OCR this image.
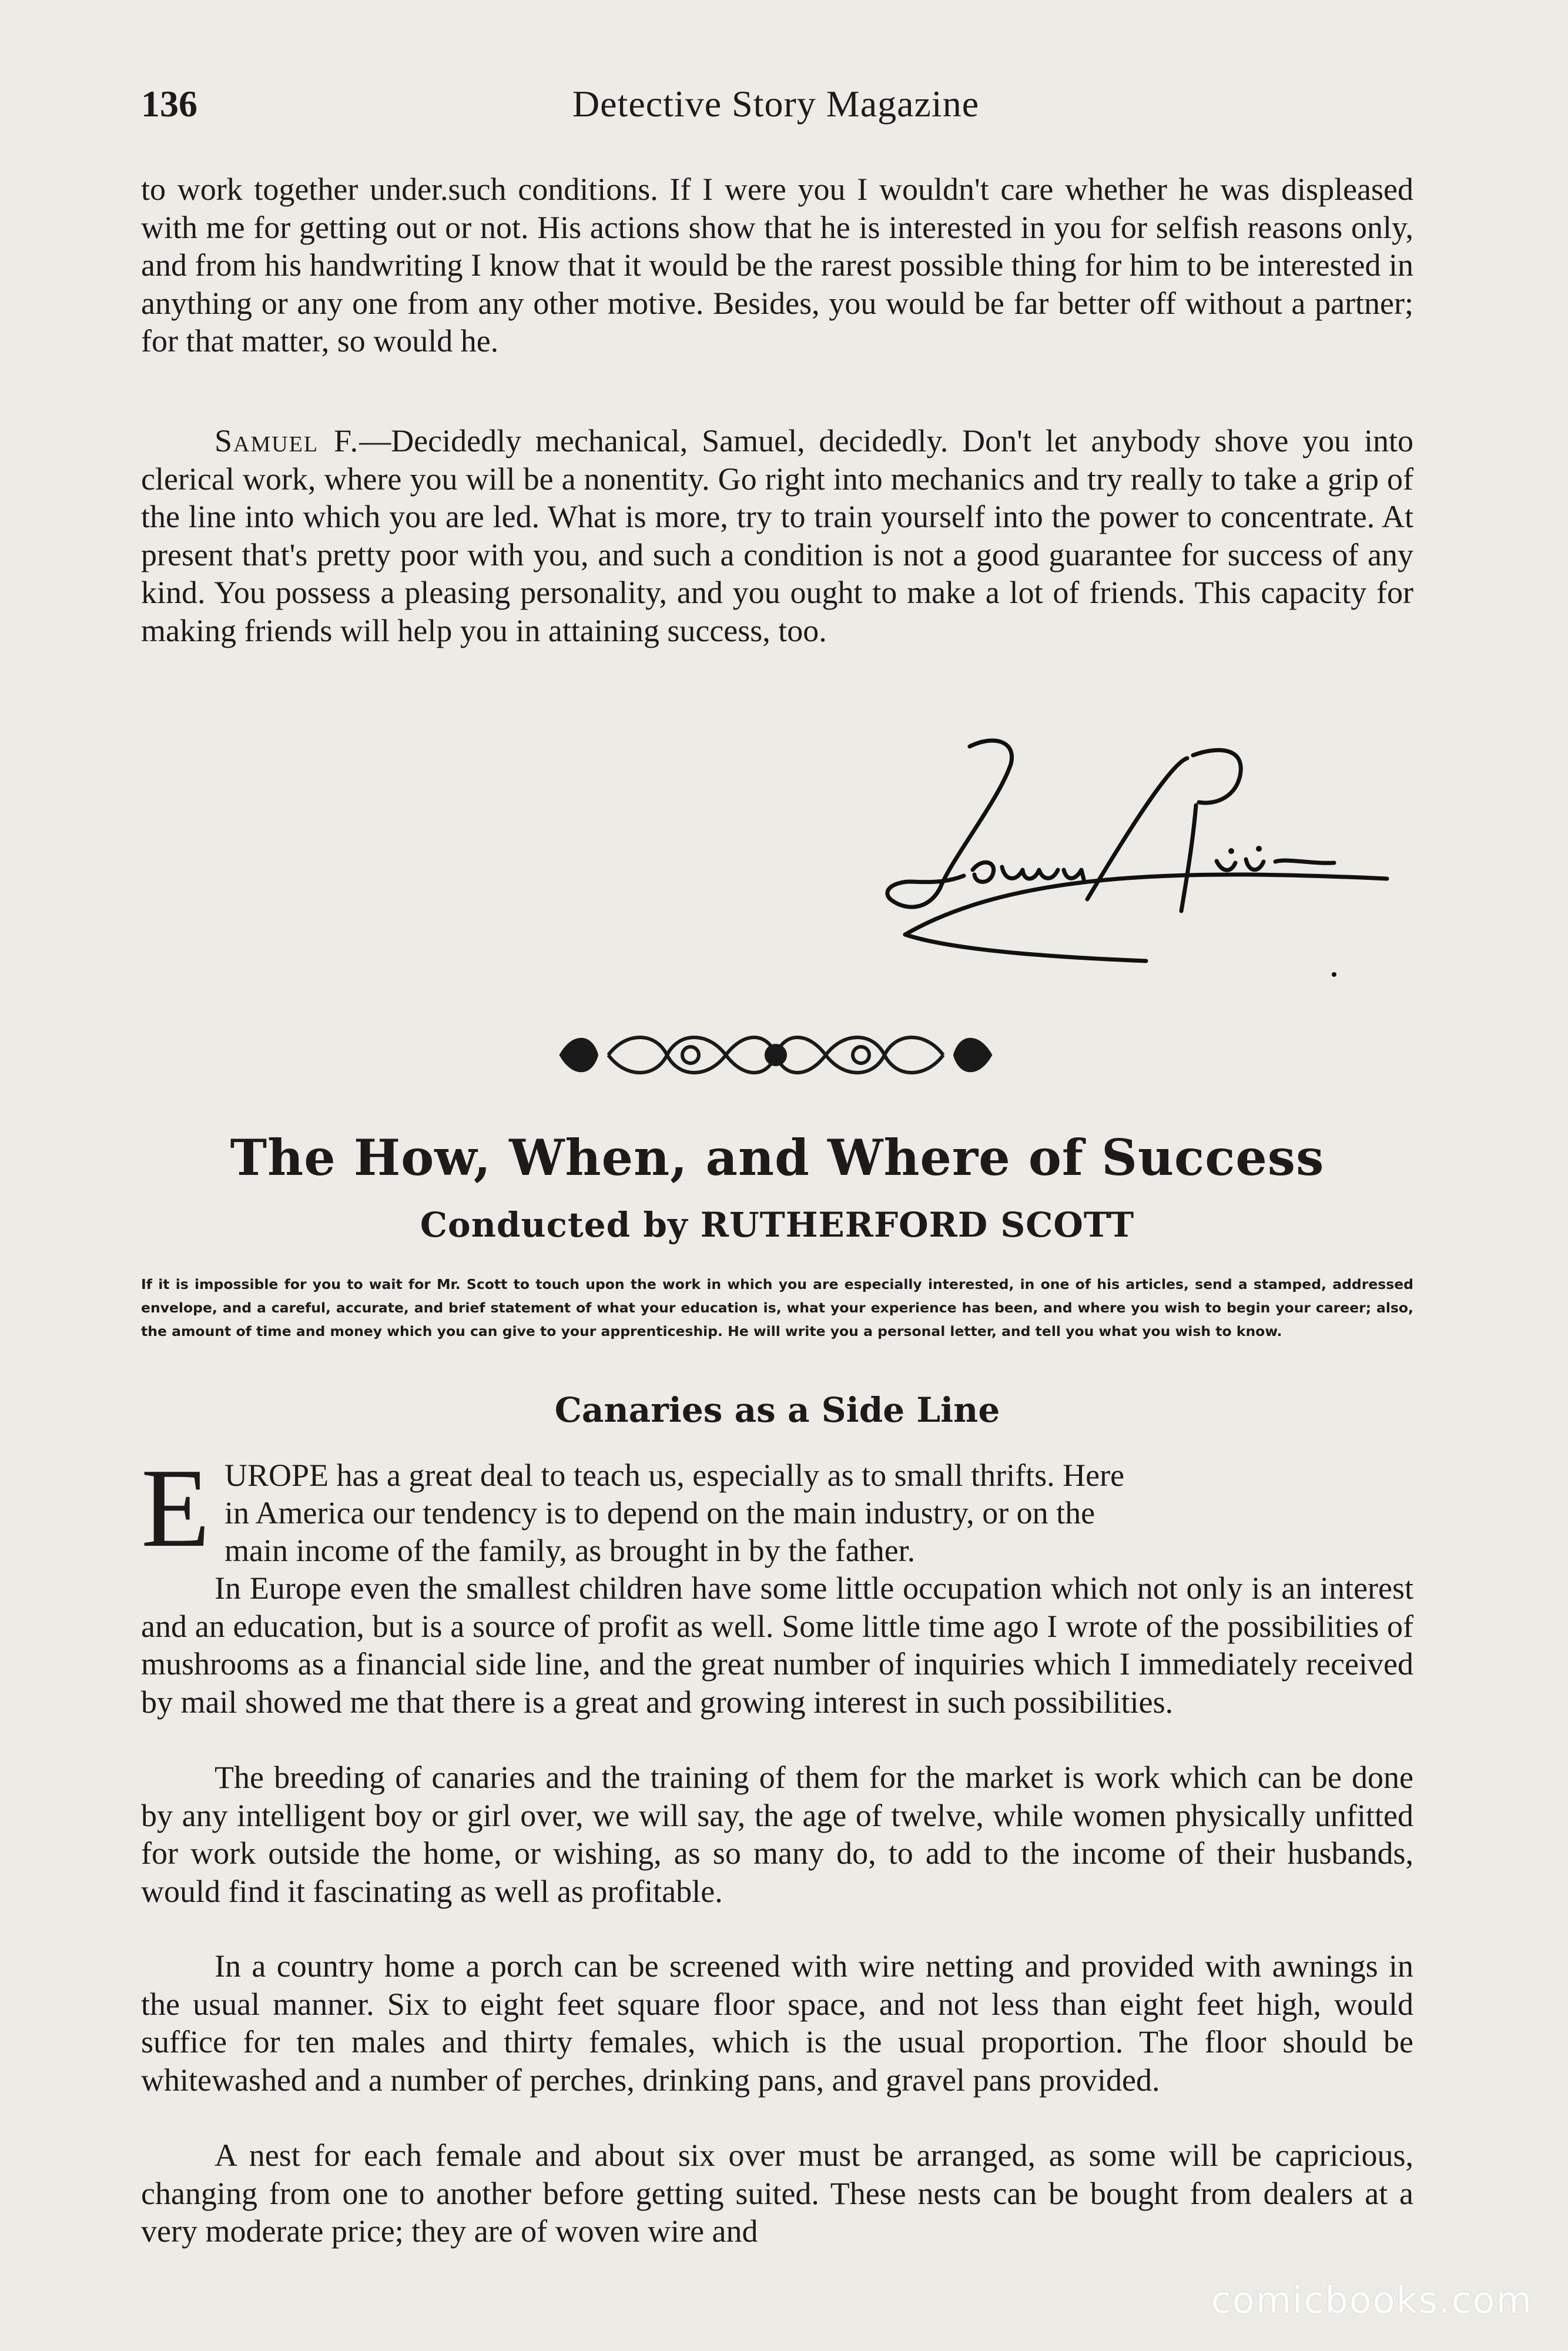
136	Detective Story Magazine

to work together under.such conditions. If I were you I wouldn't care whether he was displeased with me for getting out or not. His actions show that he is interested in you for selfish reasons only, and from his handwriting I know that it would be the rarest possible thing for him to be interested in anything or any one from any other motive. Besides, you would be far better off without a partner; for that matter, so would he.

Samuel F.—Decidedly mechanical, Samuel, decidedly. Don't let anybody shove you into clerical work, where you will be a nonentity. Go right into mechanics and try really to take a grip of the line into which you are led. What is more, try to train yourself into the power to concentrate. At present that's pretty poor with you, and such a condition is not a good guarantee for success of any kind. You possess a pleasing personality, and you ought to make a lot of friends. This capacity for making friends will help you in attaining success, too.

The How, When, and Where of Success
Conducted by RUTHERFORD SCOTT

If it is impossible for you to wait for Mr. Scott to touch upon the work in which you are especially interested, in one of his articles, send a stamped, addressed envelope, and a careful, accurate, and brief statement of what your education is, what your experience has been, and where you wish to begin your career; also, the amount of time and money which you can give to your apprenticeship. He will write you a personal letter, and tell you what you wish to know.

Canaries as a Side Line
E UROPE has a great deal to teach us, especially as to small thrifts. Here

in America our tendency is to depend on the main industry, or on the

main income of the family, as brought in by the father.

In Europe even the smallest children have some little occupation which not only is an interest and an education, but is a source of profit as well. Some little time ago I wrote of the possibilities of mushrooms as a financial side line, and the great number of inquiries which I immediately received by mail showed me that there is a great and growing interest in such possibilities.

The breeding of canaries and the training of them for the market is work which can be done by any intelligent boy or girl over, we will say, the age of twelve, while women physically unfitted for work outside the home, or wishing, as so many do, to add to the income of their husbands, would find it fascinating as well as profitable.

In a country home a porch can be screened with wire netting and provided with awnings in the usual manner. Six to eight feet square floor space, and not less than eight feet high, would suffice for ten males and thirty females, which is the usual proportion. The floor should be whitewashed and a number of perches, drinking pans, and gravel pans provided.

A nest for each female and about six over must be arranged, as some will be capricious, changing from one to another before getting suited. These nests can be bought from dealers at a very moderate price; they are of woven wire and

comicbooks.com
